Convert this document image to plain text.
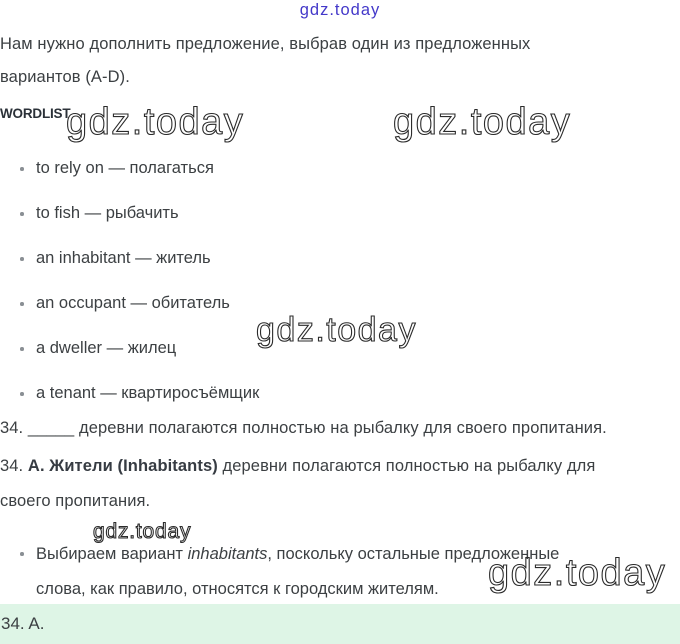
gdz.today
Нам нужно дополнить предложение, выбрав один из предложенных
вариантов (A-D).
WORDLIST
gdz.today	gdz.today
to rely on — полагаться
to fish — рыбачить
an inhabitant — житель
an occupant — обитатель
a dweller — жилец
a tenant — квартиросъёмщик
gdz.today
34. _____ деревни полагаются полностью на рыбалку для своего пропитания.
34. A. Жители (Inhabitants) деревни полагаются полностью на рыбалку для
своего пропитания.
gdz.today
Выбираем вариант inhabitants, поскольку остальные предложенные
слова, как правило, относятся к городским жителям.	gdz.today
34. A.
